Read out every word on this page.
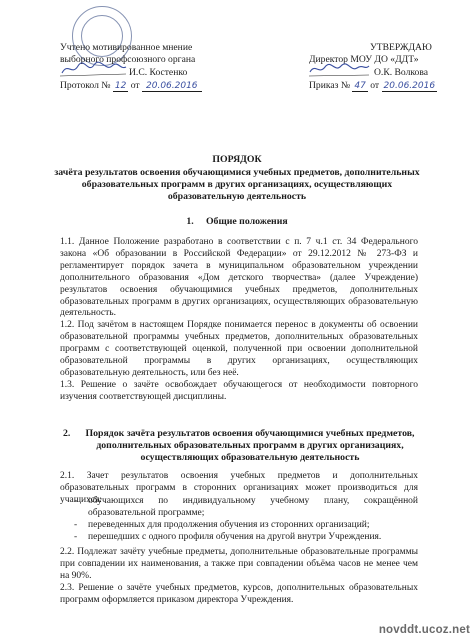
Учтено мотивированное мнение
выборного профсоюзного органа
И.С. Костенко
Протокол № 12 от 20.06.2016
УТВЕРЖДАЮ
Директор МОУ ДО «ДДТ»
О.К. Волкова
Приказ № 47 от 20.06.2016
ПОРЯДОК
зачёта результатов освоения обучающимися учебных предметов, дополнительных
образовательных программ в других организациях, осуществляющих
образовательную деятельность
1. Общие положения

1.1. Данное Положение разработано в соответствии с п. 7 ч.1 ст. 34 Федерального закона «Об образовании в Российской Федерации» от 29.12.2012 № 273-ФЗ и регламентирует порядок зачета в муниципальном образовательном учреждении дополнительного образования «Дом детского творчества» (далее Учреждение) результатов освоения обучающимися учебных предметов, дополнительных образовательных программ в других организациях, осуществляющих образовательную деятельность.

1.2. Под зачётом в настоящем Порядке понимается перенос в документы об освоении образовательной программы учебных предметов, дополнительных образовательных программ с соответствующей оценкой, полученной при освоении дополнительной образовательной программы в других организациях, осуществляющих образовательную деятельность, или без неё.

1.3. Решение о зачёте освобождает обучающегося от необходимости повторного изучения соответствующей дисциплины.

2.	Порядок зачёта результатов освоения обучающимися учебных предметов,
дополнительных образовательных программ в других организациях,
осуществляющих образовательную деятельность

2.1. Зачет результатов освоения учебных предметов и дополнительных образовательных программ в сторонних организациях может производиться для учащихся:

- обучающихся по индивидуальному учебному плану, сокращённой образовательной программе;
- переведенных для продолжения обучения из сторонних организаций;
- перешедших с одного профиля обучения на другой внутри Учреждения.

2.2. Подлежат зачёту учебные предметы, дополнительные образовательные программы при совпадении их наименования, а также при совпадении объёма часов не менее чем на 90%.

2.3. Решение о зачёте учебных предметов, курсов, дополнительных образовательных программ оформляется приказом директора Учреждения.

novddt.ucoz.net
